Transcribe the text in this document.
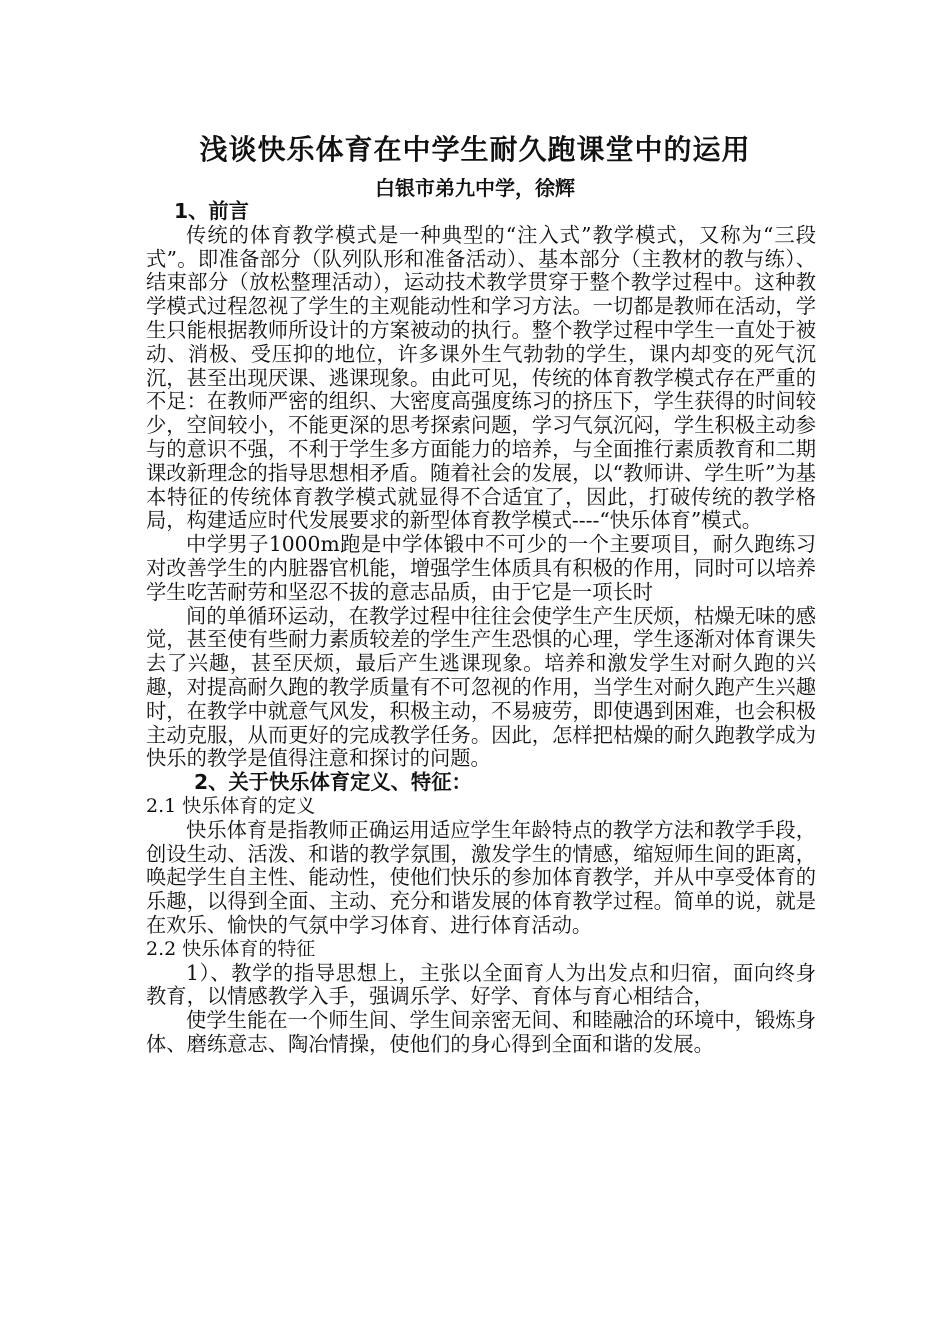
浅谈快乐体育在中学生耐久跑课堂中的运用
白银市弟九中学，徐辉

1、前言

传统的体育教学模式是一种典型的“注入式”教学模式，又称为“三段式”。即准备部分（队列队形和准备活动）、基本部分（主教材的教与练）、结束部分（放松整理活动），运动技术教学贯穿于整个教学过程中。这种教学模式过程忽视了学生的主观能动性和学习方法。一切都是教师在活动，学生只能根据教师所设计的方案被动的执行。整个教学过程中学生一直处于被动、消极、受压抑的地位，许多课外生气勃勃的学生，课内却变的死气沉沉，甚至出现厌课、逃课现象。由此可见，传统的体育教学模式存在严重的不足：在教师严密的组织、大密度高强度练习的挤压下，学生获得的时间较少，空间较小，不能更深的思考探索问题，学习气氛沉闷，学生积极主动参与的意识不强，不利于学生多方面能力的培养，与全面推行素质教育和二期课改新理念的指导思想相矛盾。随着社会的发展，以“教师讲、学生听”为基本特征的传统体育教学模式就显得不合适宜了，因此，打破传统的教学格局，构建适应时代发展要求的新型体育教学模式----“快乐体育”模式。

中学男子1000m跑是中学体锻中不可少的一个主要项目，耐久跑练习对改善学生的内脏器官机能，增强学生体质具有积极的作用，同时可以培养学生吃苦耐劳和坚忍不拔的意志品质，由于它是一项长时

间的单循环运动，在教学过程中往往会使学生产生厌烦，枯燥无味的感觉，甚至使有些耐力素质较差的学生产生恐惧的心理，学生逐渐对体育课失去了兴趣，甚至厌烦，最后产生逃课现象。培养和激发学生对耐久跑的兴趣，对提高耐久跑的教学质量有不可忽视的作用，当学生对耐久跑产生兴趣时，在教学中就意气风发，积极主动，不易疲劳，即使遇到困难，也会积极主动克服，从而更好的完成教学任务。因此，怎样把枯燥的耐久跑教学成为快乐的教学是值得注意和探讨的问题。

2、关于快乐体育定义、特征：

2.1 快乐体育的定义

快乐体育是指教师正确运用适应学生年龄特点的教学方法和教学手段，创设生动、活泼、和谐的教学氛围，激发学生的情感，缩短师生间的距离，唤起学生自主性、能动性，使他们快乐的参加体育教学，并从中享受体育的乐趣，以得到全面、主动、充分和谐发展的体育教学过程。简单的说，就是在欢乐、愉快的气氛中学习体育、进行体育活动。

2.2 快乐体育的特征

1）、教学的指导思想上，主张以全面育人为出发点和归宿，面向终身教育，以情感教学入手，强调乐学、好学、育体与育心相结合，

使学生能在一个师生间、学生间亲密无间、和睦融洽的环境中，锻炼身体、磨练意志、陶冶情操，使他们的身心得到全面和谐的发展。
